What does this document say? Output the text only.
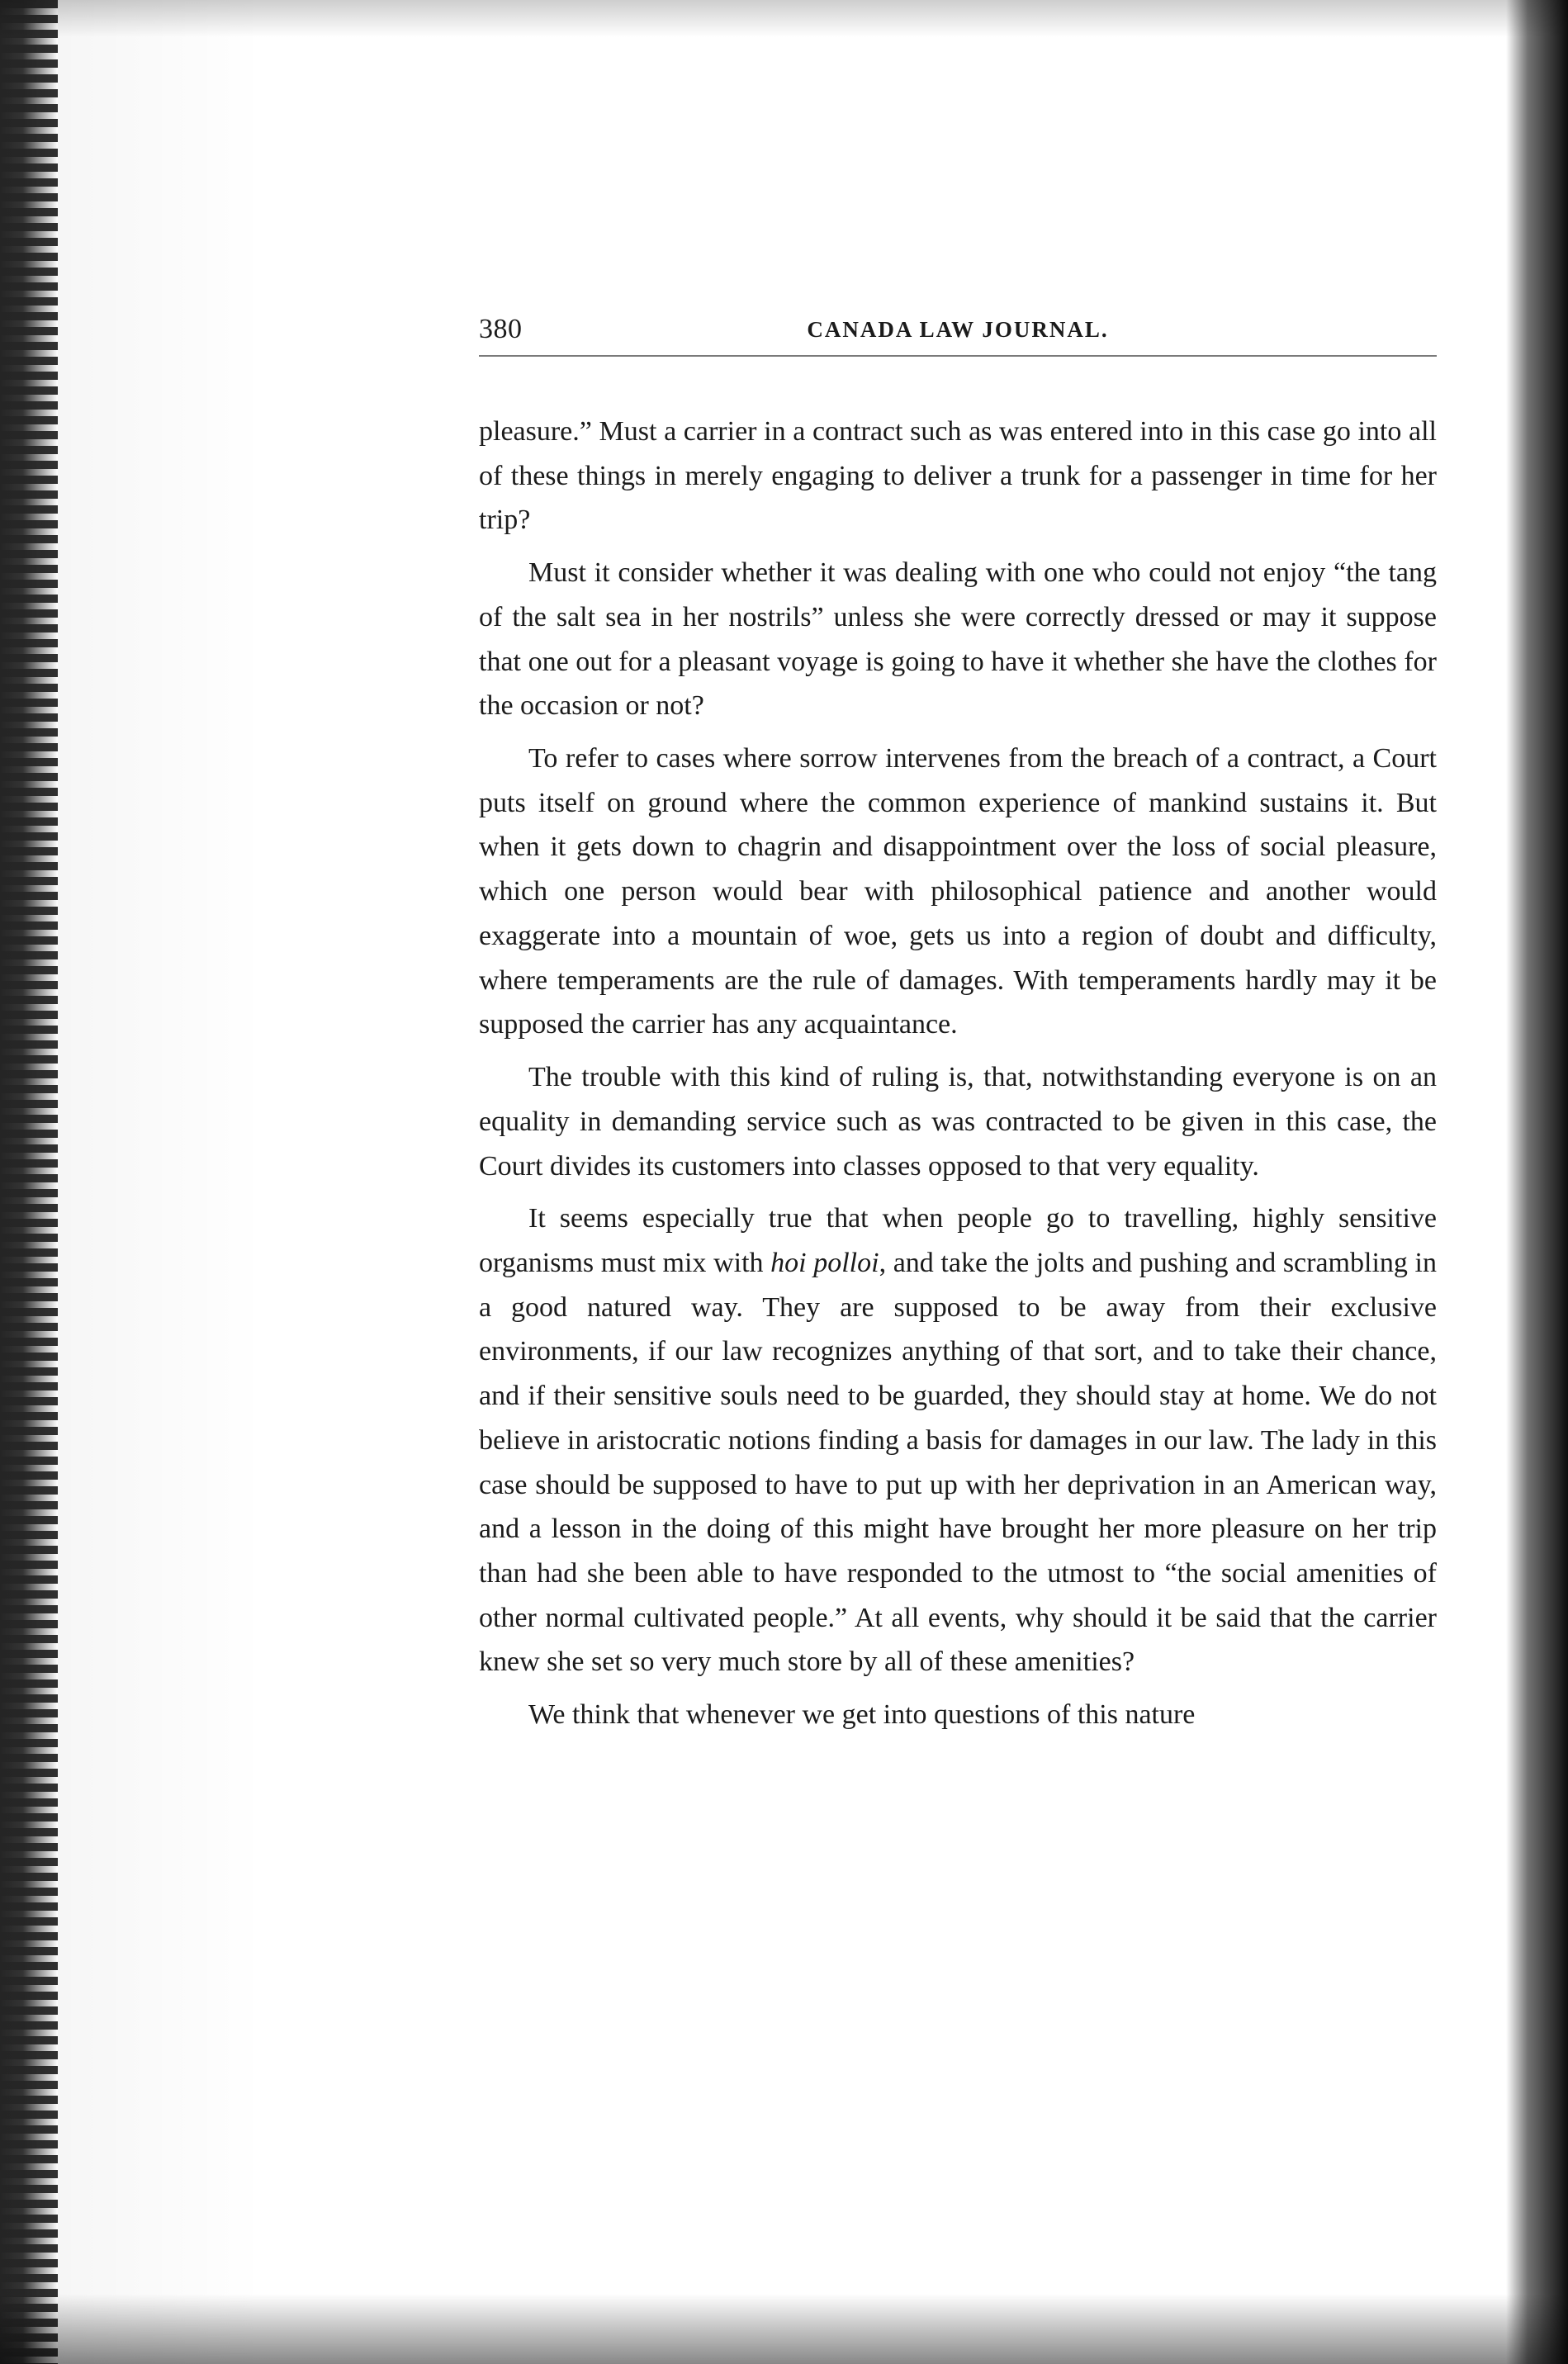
380	CANADA LAW JOURNAL.

pleasure.” Must a carrier in a contract such as was entered into in this case go into all of these things in merely engaging to deliver a trunk for a passenger in time for her trip?

Must it consider whether it was dealing with one who could not enjoy “the tang of the salt sea in her nostrils” unless she were correctly dressed or may it suppose that one out for a pleasant voyage is going to have it whether she have the clothes for the occasion or not?

To refer to cases where sorrow intervenes from the breach of a contract, a Court puts itself on ground where the common experience of mankind sustains it. But when it gets down to chagrin and disappointment over the loss of social pleasure, which one person would bear with philosophical patience and another would exaggerate into a mountain of woe, gets us into a region of doubt and difficulty, where temperaments are the rule of damages. With temperaments hardly may it be supposed the carrier has any acquaintance.

The trouble with this kind of ruling is, that, notwithstanding everyone is on an equality in demanding service such as was contracted to be given in this case, the Court divides its customers into classes opposed to that very equality.

It seems especially true that when people go to travelling, highly sensitive organisms must mix with hoi polloi, and take the jolts and pushing and scrambling in a good natured way. They are supposed to be away from their exclusive environments, if our law recognizes anything of that sort, and to take their chance, and if their sensitive souls need to be guarded, they should stay at home. We do not believe in aristocratic notions finding a basis for damages in our law. The lady in this case should be supposed to have to put up with her deprivation in an American way, and a lesson in the doing of this might have brought her more pleasure on her trip than had she been able to have responded to the utmost to “the social amenities of other normal cultivated people.” At all events, why should it be said that the carrier knew she set so very much store by all of these amenities?

We think that whenever we get into questions of this nature
